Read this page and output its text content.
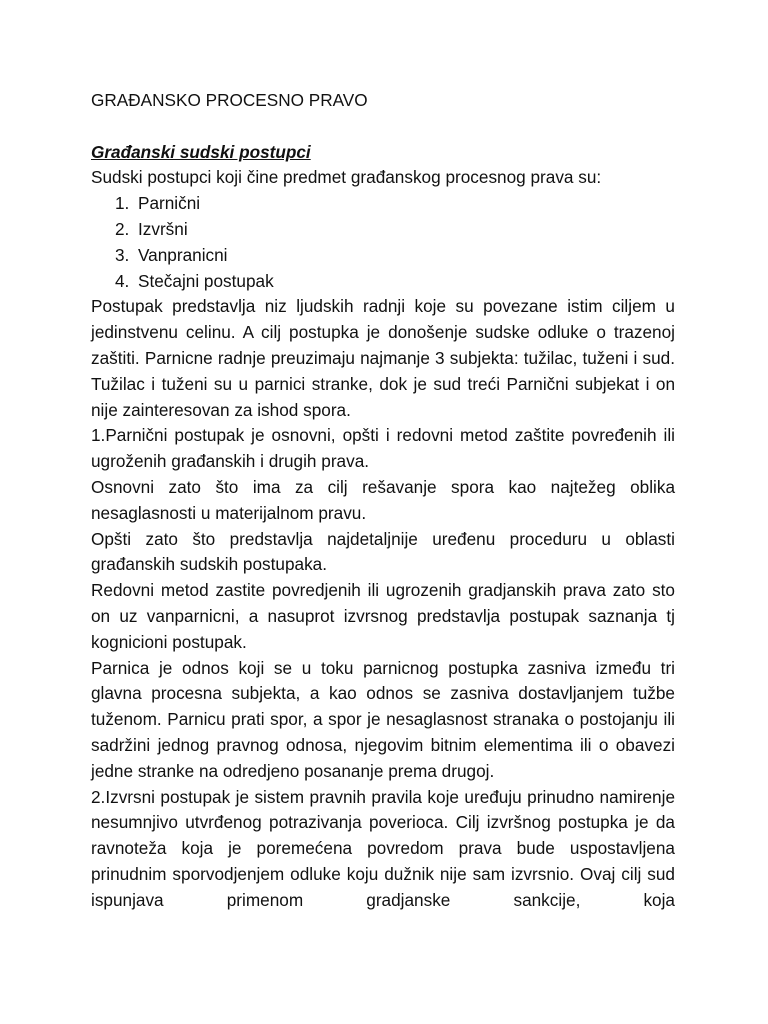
GRAĐANSKO PROCESNO PRAVO
Građanski sudski postupci

Sudski postupci koji čine predmet građanskog procesnog prava su:

1. Parnični
2. Izvršni
3. Vanpranicni
4. Stečajni postupak

Postupak predstavlja niz ljudskih radnji koje su povezane istim ciljem u jedinstvenu celinu. A cilj postupka je donošenje sudske odluke o trazenoj zaštiti. Parnicne radnje preuzimaju najmanje 3 subjekta: tužilac, tuženi i sud. Tužilac i tuženi su u parnici stranke, dok je sud treći Parnični subjekat i on nije zainteresovan za ishod spora.

1.Parnični postupak je osnovni, opšti i redovni metod zaštite povređenih ili ugroženih građanskih i drugih prava.

Osnovni zato što ima za cilj rešavanje spora kao najtežeg oblika nesaglasnosti u materijalnom pravu.

Opšti zato što predstavlja najdetaljnije uređenu proceduru u oblasti građanskih sudskih postupaka.

Redovni metod zastite povredjenih ili ugrozenih gradjanskih prava zato sto on uz vanparnicni, a nasuprot izvrsnog predstavlja postupak saznanja tj kognicioni postupak.

Parnica je odnos koji se u toku parnicnog postupka zasniva između tri glavna procesna subjekta, a kao odnos se zasniva dostavljanjem tužbe tuženom. Parnicu prati spor, a spor je nesaglasnost stranaka o postojanju ili sadržini jednog pravnog odnosa, njegovim bitnim elementima ili o obavezi jedne stranke na odredjeno posananje prema drugoj.

2.Izvrsni postupak je sistem pravnih pravila koje uređuju prinudno namirenje nesumnjivo utvrđenog potrazivanja poverioca. Cilj izvršnog postupka je da ravnoteža koja je poremećena povredom prava bude uspostavljena prinudnim sporvodjenjem odluke koju dužnik nije sam izvrsnio. Ovaj cilj sud ispunjava primenom gradjanske sankcije, koja
